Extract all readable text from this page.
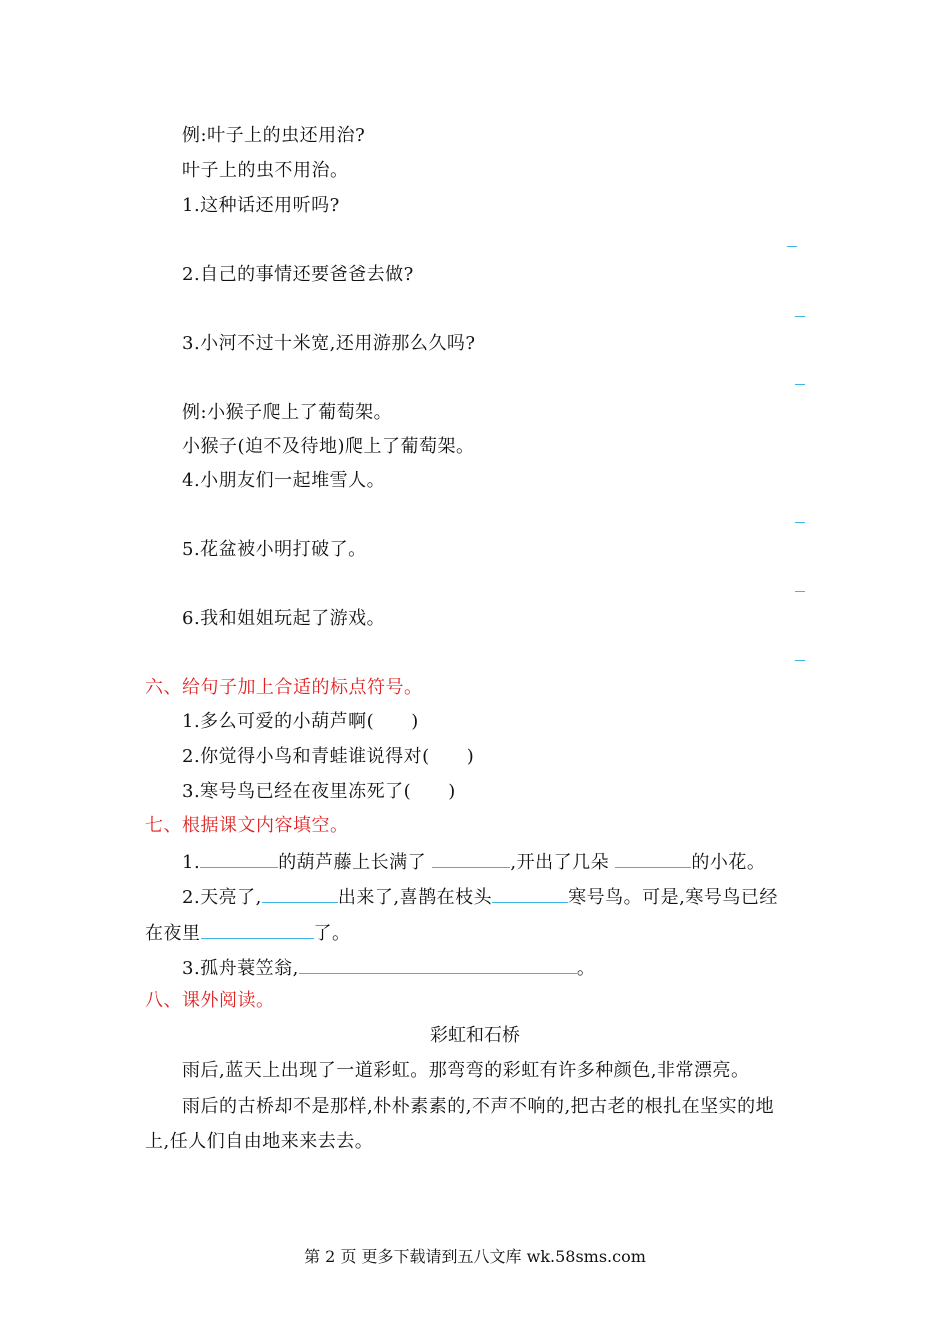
例:叶子上的虫还用治?
叶子上的虫不用治。
1.这种话还用听吗?
2.自己的事情还要爸爸去做?
3.小河不过十米宽,还用游那么久吗?
例:小猴子爬上了葡萄架。
小猴子(迫不及待地)爬上了葡萄架。
4.小朋友们一起堆雪人。
5.花盆被小明打破了。
6.我和姐姐玩起了游戏。
六、给句子加上合适的标点符号。
1.多么可爱的小葫芦啊(　　)
2.你觉得小鸟和青蛙谁说得对(　　)
3.寒号鸟已经在夜里冻死了(　　)
七、根据课文内容填空。
1.	的葫芦藤上长满了	,开出了几朵	的小花。
2.天亮了,	出来了,喜鹊在枝头	寒号鸟。可是,寒号鸟已经
在夜里	了。
3.孤舟蓑笠翁,	。
八、课外阅读。
彩虹和石桥
雨后,蓝天上出现了一道彩虹。那弯弯的彩虹有许多种颜色,非常漂亮。
雨后的古桥却不是那样,朴朴素素的,不声不响的,把古老的根扎在坚实的地
上,任人们自由地来来去去。
第 2 页 更多下载请到五八文库 wk.58sms.com
